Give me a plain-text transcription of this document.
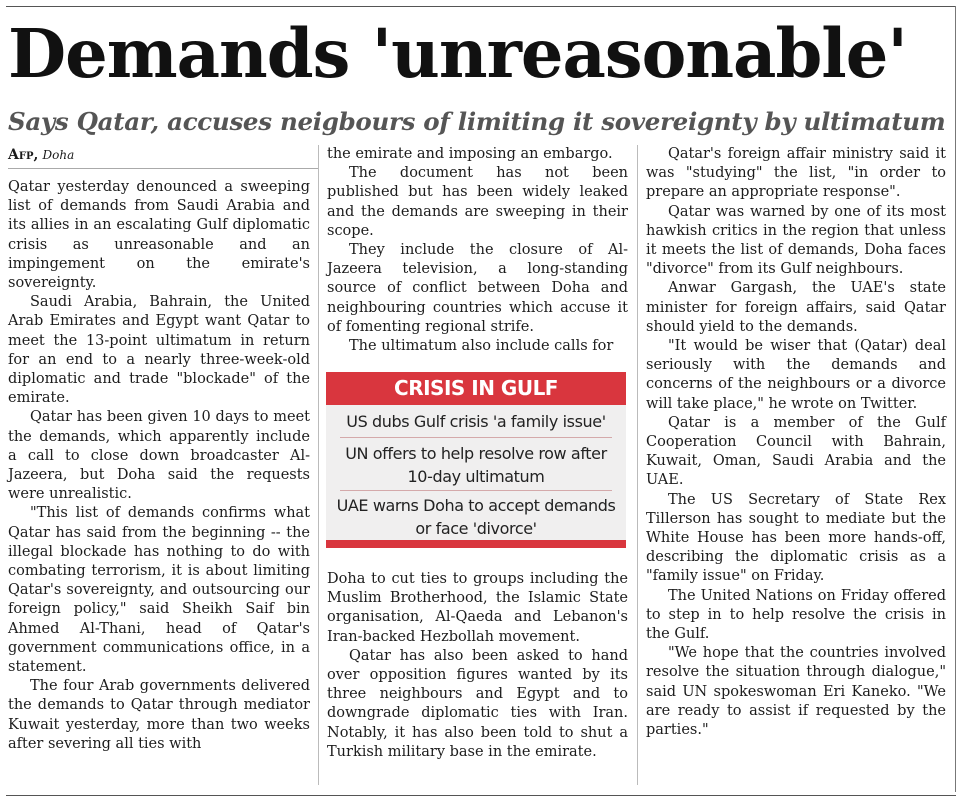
Demands 'unreasonable'
Says Qatar, accuses neigbours of limiting it sovereignty by ultimatum
Afp, Doha

Qatar yesterday denounced a sweeping list of demands from Saudi Arabia and its allies in an escalating Gulf diplomatic crisis as unreasonable and an impingement on the emirate's sovereignty.

Saudi Arabia, Bahrain, the United Arab Emirates and Egypt want Qatar to meet the 13-point ultimatum in return for an end to a nearly three-week-old diplomatic and trade "blockade" of the emirate.

Qatar has been given 10 days to meet the demands, which apparently include a call to close down broadcaster Al-Jazeera, but Doha said the requests were unrealistic.

"This list of demands confirms what Qatar has said from the beginning -- the illegal blockade has nothing to do with combating terrorism, it is about limiting Qatar's sovereignty, and outsourcing our foreign policy," said Sheikh Saif bin Ahmed Al-Thani, head of Qatar's government communications office, in a statement.

The four Arab governments delivered the demands to Qatar through mediator Kuwait yesterday, more than two weeks after severing all ties with

the emirate and imposing an embargo.

The document has not been published but has been widely leaked and the demands are sweeping in their scope.

They include the closure of Al-Jazeera television, a long-standing source of conflict between Doha and neighbouring countries which accuse it of fomenting regional strife.

The ultimatum also include calls for

CRISIS IN GULF
US dubs Gulf crisis 'a family issue'
UN offers to help resolve row after 10-day ultimatum
UAE warns Doha to accept demands or face 'divorce'

Doha to cut ties to groups including the Muslim Brotherhood, the Islamic State organisation, Al-Qaeda and Lebanon's Iran-backed Hezbollah movement.

Qatar has also been asked to hand over opposition figures wanted by its three neighbours and Egypt and to downgrade diplomatic ties with Iran. Notably, it has also been told to shut a Turkish military base in the emirate.

Qatar's foreign affair ministry said it was "studying" the list, "in order to prepare an appropriate response".

Qatar was warned by one of its most hawkish critics in the region that unless it meets the list of demands, Doha faces "divorce" from its Gulf neighbours.

Anwar Gargash, the UAE's state minister for foreign affairs, said Qatar should yield to the demands.

"It would be wiser that (Qatar) deal seriously with the demands and concerns of the neighbours or a divorce will take place," he wrote on Twitter.

Qatar is a member of the Gulf Cooperation Council with Bahrain, Kuwait, Oman, Saudi Arabia and the UAE.

The US Secretary of State Rex Tillerson has sought to mediate but the White House has been more hands-off, describing the diplomatic crisis as a "family issue" on Friday.

The United Nations on Friday offered to step in to help resolve the crisis in the Gulf.

"We hope that the countries involved resolve the situation through dialogue," said UN spokeswoman Eri Kaneko. "We are ready to assist if requested by the parties."
